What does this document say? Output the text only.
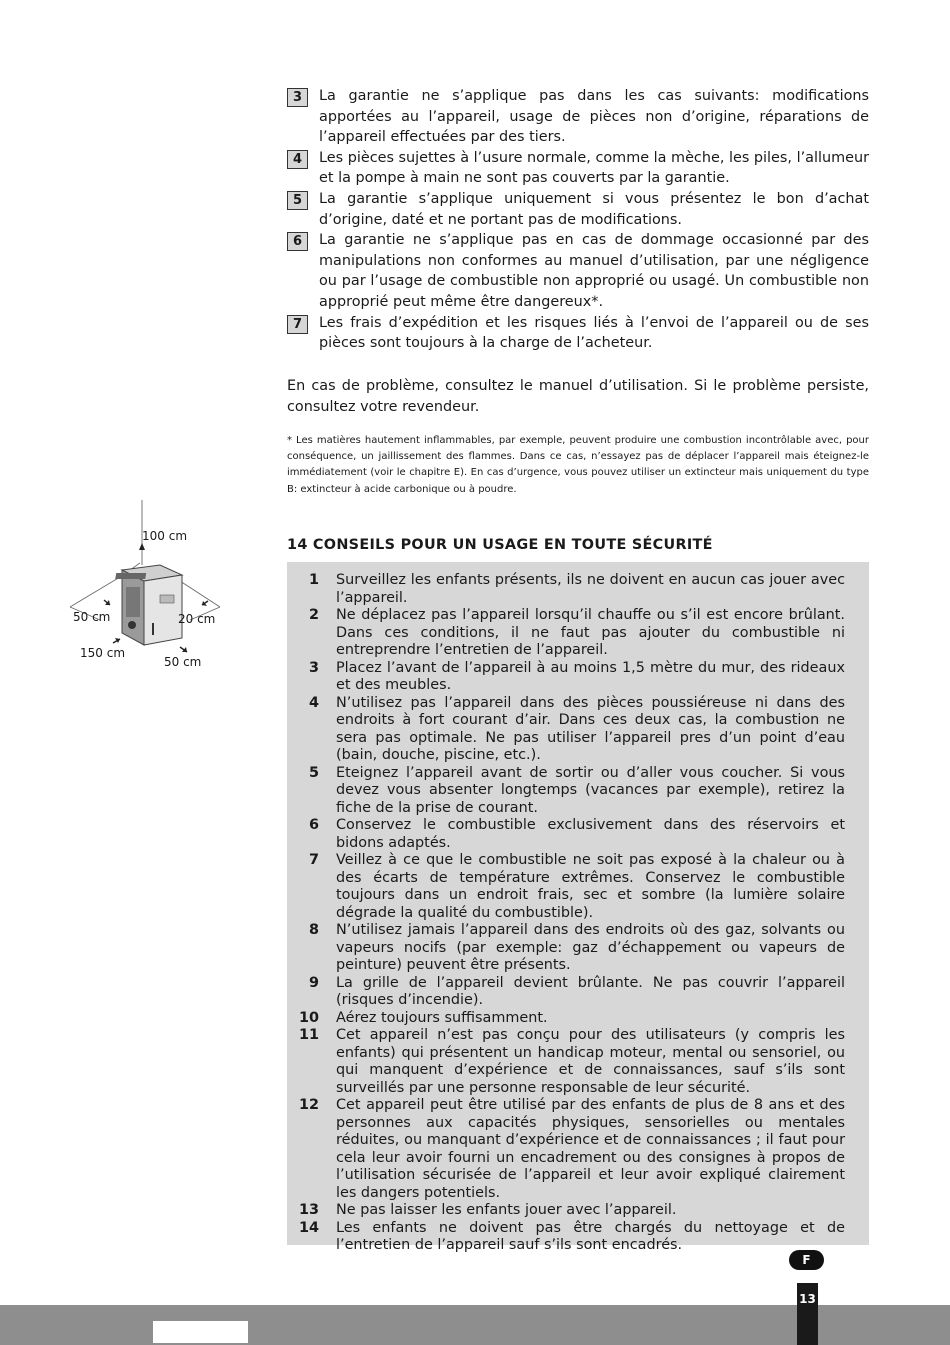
3	La garantie ne s’applique pas dans les cas suivants: modifications apportées au l’appareil, usage de pièces non d’origine, réparations de l’appareil effectuées par des tiers.
4	Les pièces sujettes à l’usure normale, comme la mèche, les piles, l’allumeur et la pompe à main ne sont pas couverts par la garantie.
5	La garantie s’applique uniquement si vous présentez le bon d’achat d’origine, daté et ne portant pas de modifications.
6	La garantie ne s’applique pas en cas de dommage occasionné par des manipulations non conformes au manuel d’utilisation, par une négligence ou par l’usage de combustible non approprié ou usagé. Un combustible non approprié peut même être dangereux*.
7	Les frais d’expédition et les risques liés à l’envoi de l’appareil ou de ses pièces sont toujours à la charge de l’acheteur.

En cas de problème, consultez le manuel d’utilisation. Si le problème persiste, consultez votre revendeur.

* Les matières hautement inflammables, par exemple, peuvent produire une combustion incontrôlable avec, pour conséquence, un jaillissement des flammes. Dans ce cas, n’essayez pas de déplacer l’appareil mais éteignez-le immédiatement (voir le chapitre E). En cas d’urgence, vous pouvez utiliser un extincteur mais uniquement du type B: extincteur à acide carbonique ou à poudre.

100 cm
50 cm	20 cm
150 cm
50 cm
14 CONSEILS POUR UN USAGE EN TOUTE SÉCURITÉ
1 Surveillez les enfants présents, ils ne doivent en aucun cas jouer avec l’appareil.
2 Ne déplacez pas l’appareil lorsqu’il chauffe ou s’il est encore brûlant. Dans ces conditions, il ne faut pas ajouter du combustible ni entreprendre l’entretien de l’appareil.
3 Placez l’avant de l’appareil à au moins 1,5 mètre du mur, des rideaux et des meubles.
4 N’utilisez pas l’appareil dans des pièces poussiéreuse ni dans des endroits à fort courant d’air. Dans ces deux cas, la combustion ne sera pas optimale. Ne pas utiliser l’appareil pres d’un point d’eau (bain, douche, piscine, etc.).
5 Eteignez l’appareil avant de sortir ou d’aller vous coucher. Si vous devez vous absenter longtemps (vacances par exemple), retirez la fiche de la prise de courant.
6 Conservez le combustible exclusivement dans des réservoirs et bidons adaptés.
7 Veillez à ce que le combustible ne soit pas exposé à la chaleur ou à des écarts de température extrêmes. Conservez le combustible toujours dans un endroit frais, sec et sombre (la lumière solaire dégrade la qualité du combustible).
8 N’utilisez jamais l’appareil dans des endroits où des gaz, solvants ou vapeurs nocifs (par exemple: gaz d’échappement ou vapeurs de peinture) peuvent être présents.
9 La grille de l’appareil devient brûlante. Ne pas couvrir l’appareil (risques d’incendie).
10 Aérez toujours suffisamment.
11 Cet appareil n’est pas conçu pour des utilisateurs (y compris les enfants) qui présentent un handicap moteur, mental ou sensoriel, ou qui manquent d’expérience et de connaissances, sauf s’ils sont surveillés par une personne responsable de leur sécurité.
12 Cet appareil peut être utilisé par des enfants de plus de 8 ans et des personnes aux capacités physiques, sensorielles ou mentales réduites, ou manquant d’expérience et de connaissances ; il faut pour cela leur avoir fourni un encadrement ou des consignes à propos de l’utilisation sécurisée de l’appareil et leur avoir expliqué clairement les dangers potentiels.
13 Ne pas laisser les enfants jouer avec l’appareil.
14 Les enfants ne doivent pas être chargés du nettoyage et de l’entretien de l’appareil sauf s’ils sont encadrés.
F
13
